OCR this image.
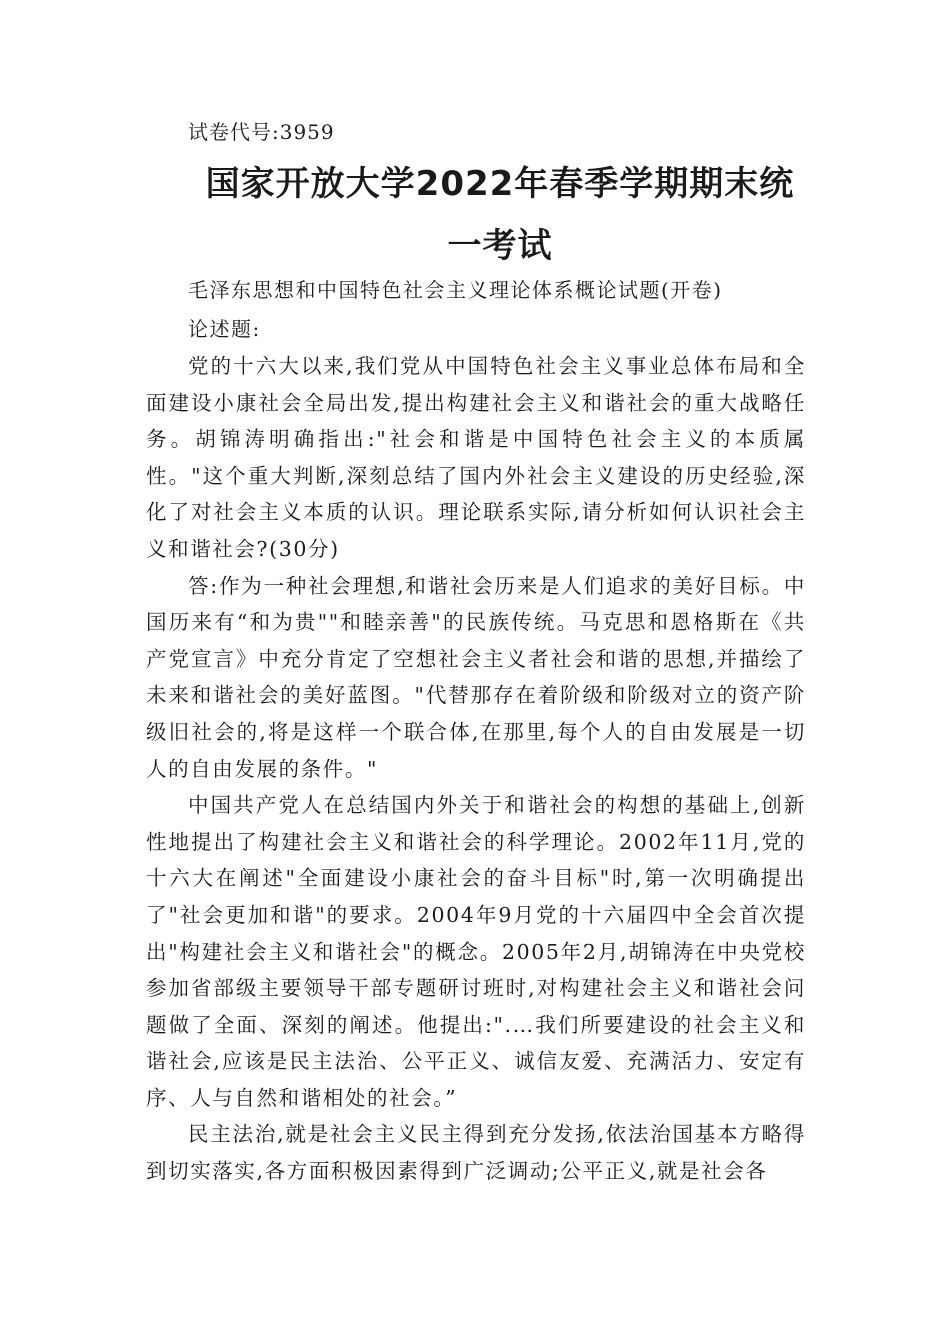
试卷代号:3959
国家开放大学2022年春季学期期末统
一考试
毛泽东思想和中国特色社会主义理论体系概论试题(开卷)
论述题:

党的十六大以来,我们党从中国特色社会主义事业总体布局和全面建设小康社会全局出发,提出构建社会主义和谐社会的重大战略任务。胡锦涛明确指出:"社会和谐是中国特色社会主义的本质属性。"这个重大判断,深刻总结了国内外社会主义建设的历史经验,深化了对社会主义本质的认识。理论联系实际,请分析如何认识社会主义和谐社会?(30分)

答:作为一种社会理想,和谐社会历来是人们追求的美好目标。中国历来有“和为贵""和睦亲善"的民族传统。马克思和恩格斯在《共产党宣言》中充分肯定了空想社会主义者社会和谐的思想,并描绘了未来和谐社会的美好蓝图。"代替那存在着阶级和阶级对立的资产阶级旧社会的,将是这样一个联合体,在那里,每个人的自由发展是一切人的自由发展的条件。"

中国共产党人在总结国内外关于和谐社会的构想的基础上,创新性地提出了构建社会主义和谐社会的科学理论。2002年11月,党的十六大在阐述"全面建设小康社会的奋斗目标"时,第一次明确提出了"社会更加和谐"的要求。2004年9月党的十六届四中全会首次提出"构建社会主义和谐社会"的概念。2005年2月,胡锦涛在中央党校参加省部级主要领导干部专题研讨班时,对构建社会主义和谐社会问题做了全面、深刻的阐述。他提出:".…我们所要建设的社会主义和谐社会,应该是民主法治、公平正义、诚信友爱、充满活力、安定有序、人与自然和谐相处的社会。”

民主法治,就是社会主义民主得到充分发扬,依法治国基本方略得到切实落实,各方面积极因素得到广泛调动;公平正义,就是社会各
